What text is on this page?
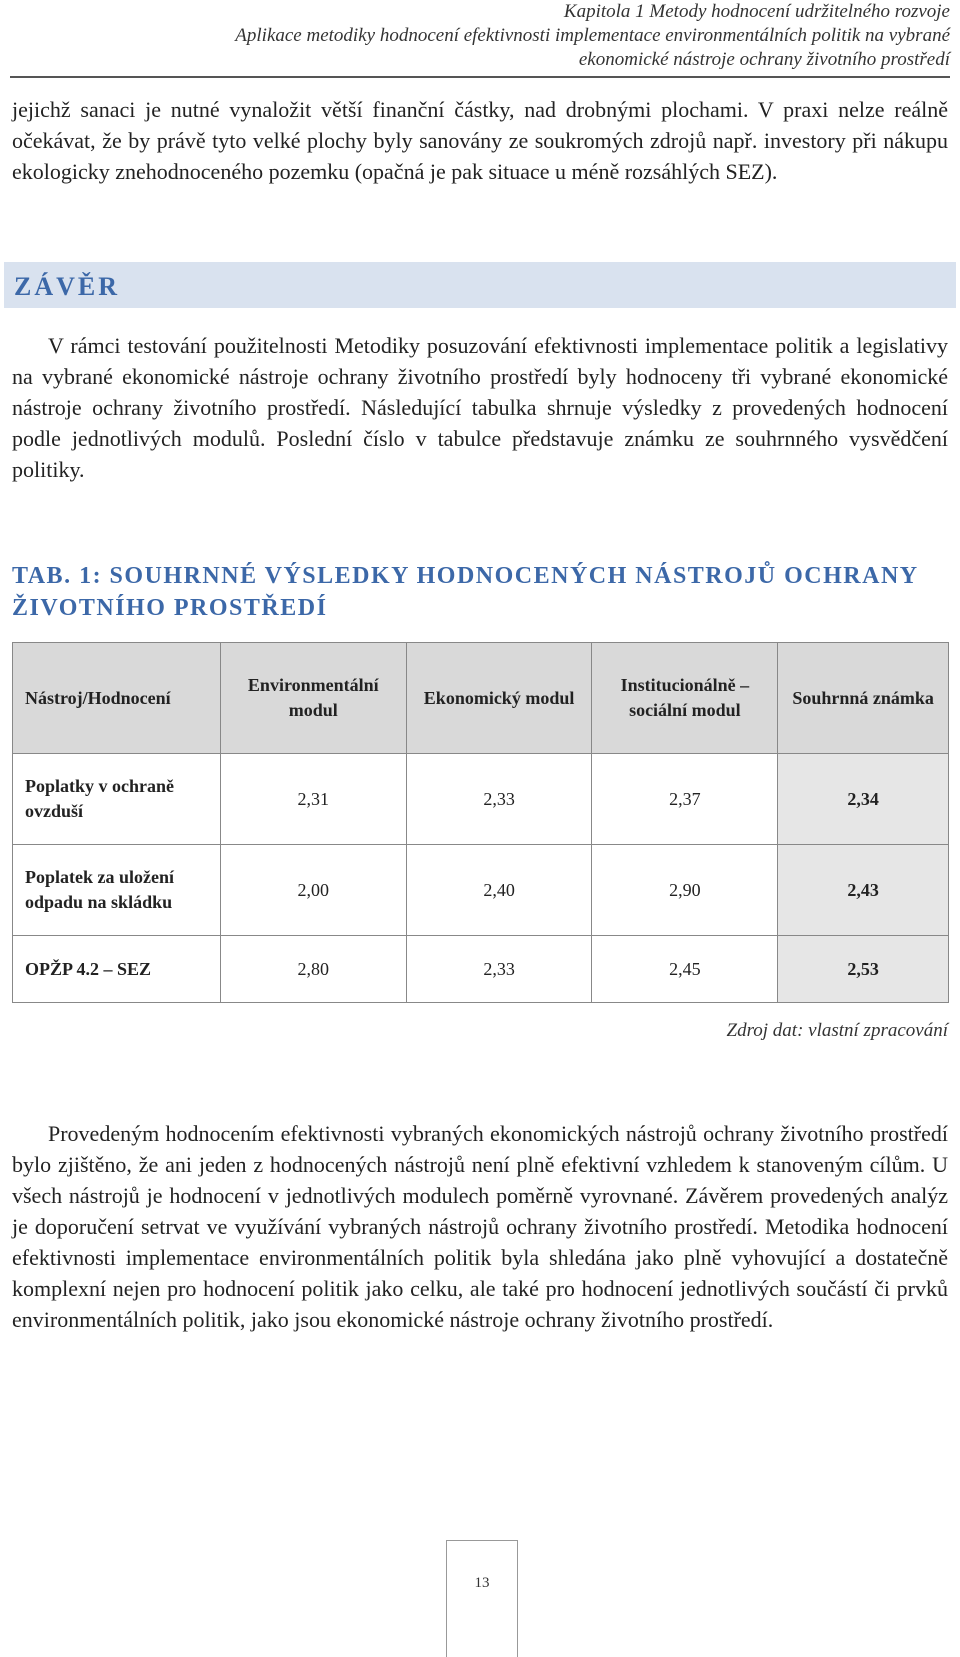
Kapitola 1 Metody hodnocení udržitelného rozvoje
Aplikace metodiky hodnocení efektivnosti implementace environmentálních politik na vybrané
ekonomické nástroje ochrany životního prostředí
jejichž sanaci je nutné vynaložit větší finanční částky, nad drobnými plochami. V praxi nelze reálně očekávat, že by právě tyto velké plochy byly sanovány ze soukromých zdrojů např. investory při nákupu ekologicky znehodnoceného pozemku (opačná je pak situace u méně rozsáhlých SEZ).
ZÁVĚR
V rámci testování použitelnosti Metodiky posuzování efektivnosti implementace politik a legislativy na vybrané ekonomické nástroje ochrany životního prostředí byly hodnoceny tři vybrané ekonomické nástroje ochrany životního prostředí. Následující tabulka shrnuje výsledky z provedených hodnocení podle jednotlivých modulů. Poslední číslo v tabulce představuje známku ze souhrnného vysvědčení politiky.
TAB. 1: SOUHRNNÉ VÝSLEDKY HODNOCENÝCH NÁSTROJŮ OCHRANY ŽIVOTNÍHO PROSTŘEDÍ
Nástroj/Hodnocení	Environmentální modul	Ekonomický modul	Institucionálně – sociální modul	Souhrnná známka
Poplatky v ochraně ovzduší	2,31	2,33	2,37	2,34
Poplatek za uložení odpadu na skládku	2,00	2,40	2,90	2,43
OPŽP 4.2 – SEZ	2,80	2,33	2,45	2,53
Zdroj dat: vlastní zpracování
Provedeným hodnocením efektivnosti vybraných ekonomických nástrojů ochrany životního prostředí bylo zjištěno, že ani jeden z hodnocených nástrojů není plně efektivní vzhledem k stanoveným cílům. U všech nástrojů je hodnocení v jednotlivých modulech poměrně vyrovnané. Závěrem provedených analýz je doporučení setrvat ve využívání vybraných nástrojů ochrany životního prostředí. Metodika hodnocení efektivnosti implementace environmentálních politik byla shledána jako plně vyhovující a dostatečně komplexní nejen pro hodnocení politik jako celku, ale také pro hodnocení jednotlivých součástí či prvků environmentálních politik, jako jsou ekonomické nástroje ochrany životního prostředí.
13
